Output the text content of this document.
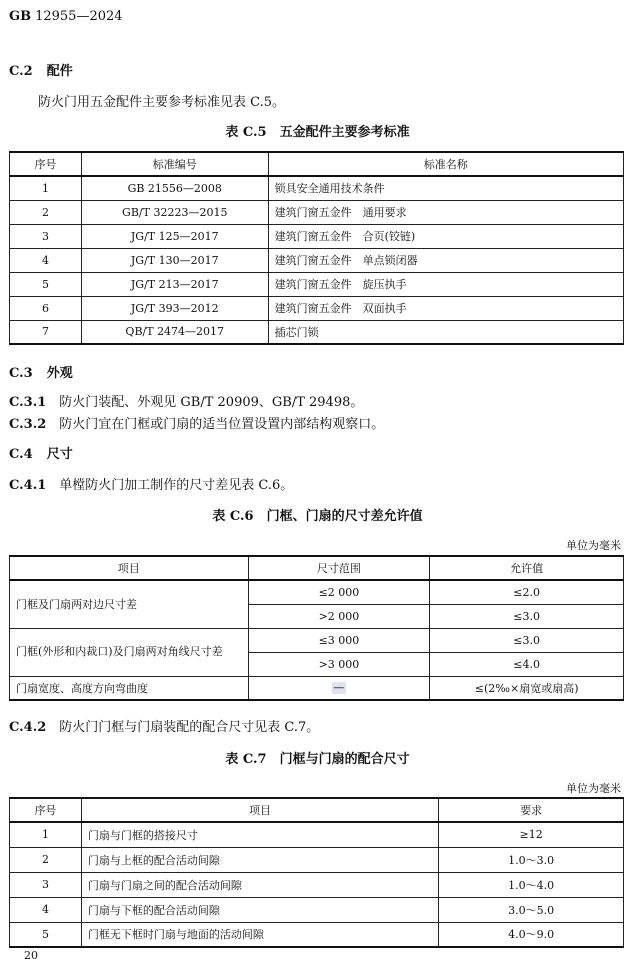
GB 12955—2024
C.2 配件
防火门用五金配件主要参考标准见表 C.5。
表 C.5　五金配件主要参考标准
序号	标准编号	标准名称
1	GB 21556—2008	锁具安全通用技术条件
2	GB/T 32223—2015	建筑门窗五金件　通用要求
3	JG/T 125—2017	建筑门窗五金件　合页(铰链)
4	JG/T 130—2017	建筑门窗五金件　单点锁闭器
5	JG/T 213—2017	建筑门窗五金件　旋压执手
6	JG/T 393—2012	建筑门窗五金件　双面执手
7	QB/T 2474—2017	插芯门锁
C.3 外观
C.3.1　 防火门装配、外观见 GB/T 20909、GB/T 29498。
C.3.2　 防火门宜在门框或门扇的适当位置设置内部结构观察口。
C.4 尺寸
C.4.1　 单樘防火门加工制作的尺寸差见表 C.6。
表 C.6　门框、门扇的尺寸差允许值
单位为毫米
项目	尺寸范围	允许值
门框及门扇两对边尺寸差	≤2 000	≤2.0
	>2 000	≤3.0
门框(外形和内裁口)及门扇两对角线尺寸差	≤3 000	≤3.0
	>3 000	≤4.0
门扇宽度、高度方向弯曲度	—	≤(2‰×扇宽或扇高)
C.4.2　 防火门门框与门扇装配的配合尺寸见表 C.7。
表 C.7　门框与门扇的配合尺寸
单位为毫米
序号	项目	要求
1	门扇与门框的搭接尺寸	≥12
2	门扇与上框的配合活动间隙	1.0～3.0
3	门扇与门扇之间的配合活动间隙	1.0～4.0
4	门扇与下框的配合活动间隙	3.0～5.0
5	门框无下框时门扇与地面的活动间隙	4.0～9.0
20
